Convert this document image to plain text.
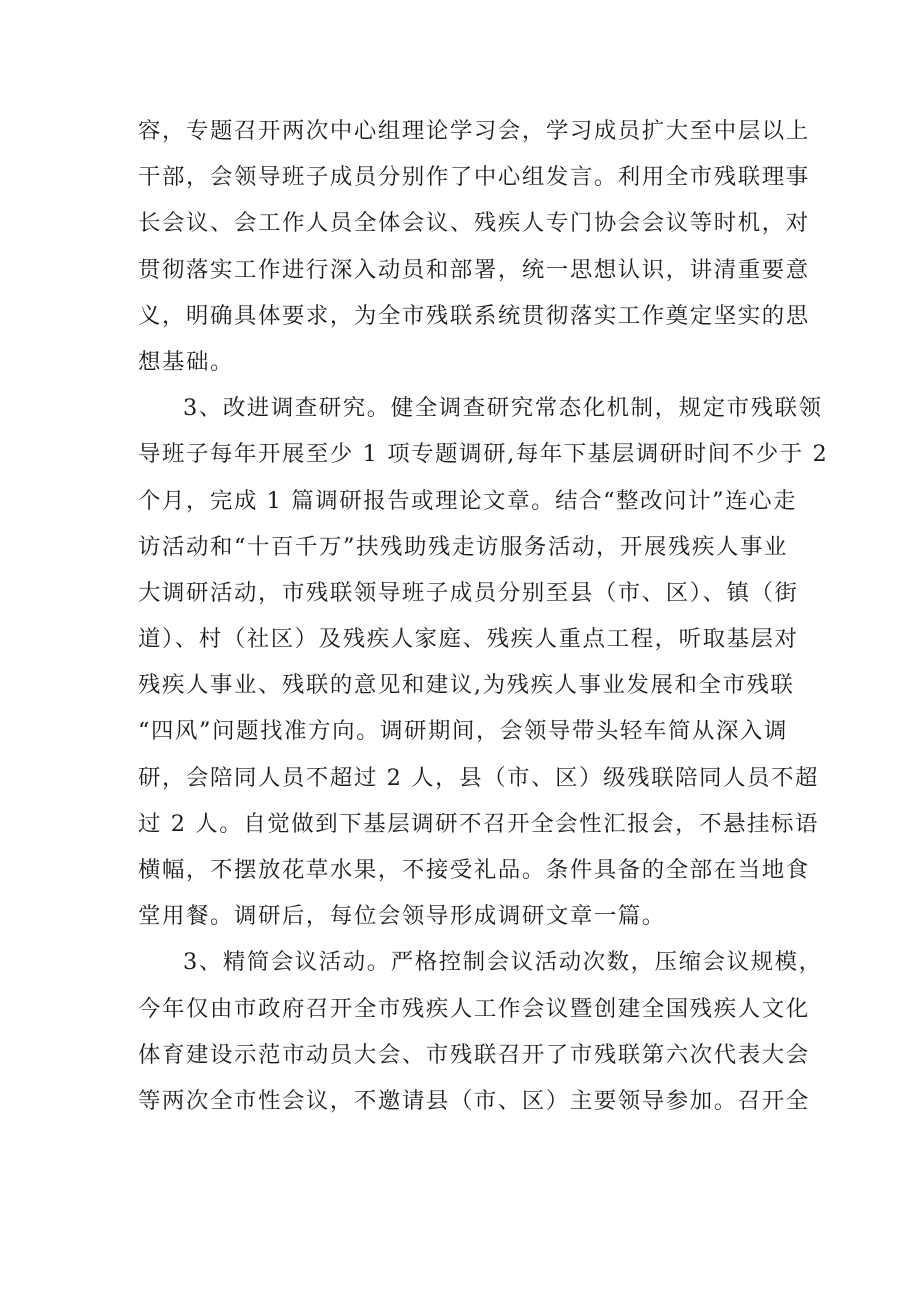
容，专题召开两次中心组理论学习会，学习成员扩大至中层以上
干部，会领导班子成员分别作了中心组发言。利用全市残联理事
长会议、会工作人员全体会议、残疾人专门协会会议等时机，对
贯彻落实工作进行深入动员和部署，统一思想认识，讲清重要意
义，明确具体要求，为全市残联系统贯彻落实工作奠定坚实的思
想基础。
3、改进调查研究。健全调查研究常态化机制，规定市残联领
导班子每年开展至少 1 项专题调研,每年下基层调研时间不少于 2
个月，完成 1 篇调研报告或理论文章。结合“整改问计”连心走
访活动和“十百千万”扶残助残走访服务活动，开展残疾人事业
大调研活动，市残联领导班子成员分别至县（市、区）、镇（街
道）、村（社区）及残疾人家庭、残疾人重点工程，听取基层对
残疾人事业、残联的意见和建议,为残疾人事业发展和全市残联
“四风”问题找准方向。调研期间，会领导带头轻车简从深入调
研，会陪同人员不超过 2 人，县（市、区）级残联陪同人员不超
过 2 人。自觉做到下基层调研不召开全会性汇报会，不悬挂标语
横幅，不摆放花草水果，不接受礼品。条件具备的全部在当地食
堂用餐。调研后，每位会领导形成调研文章一篇。
3、精简会议活动。严格控制会议活动次数，压缩会议规模，
今年仅由市政府召开全市残疾人工作会议暨创建全国残疾人文化
体育建设示范市动员大会、市残联召开了市残联第六次代表大会
等两次全市性会议，不邀请县（市、区）主要领导参加。召开全
